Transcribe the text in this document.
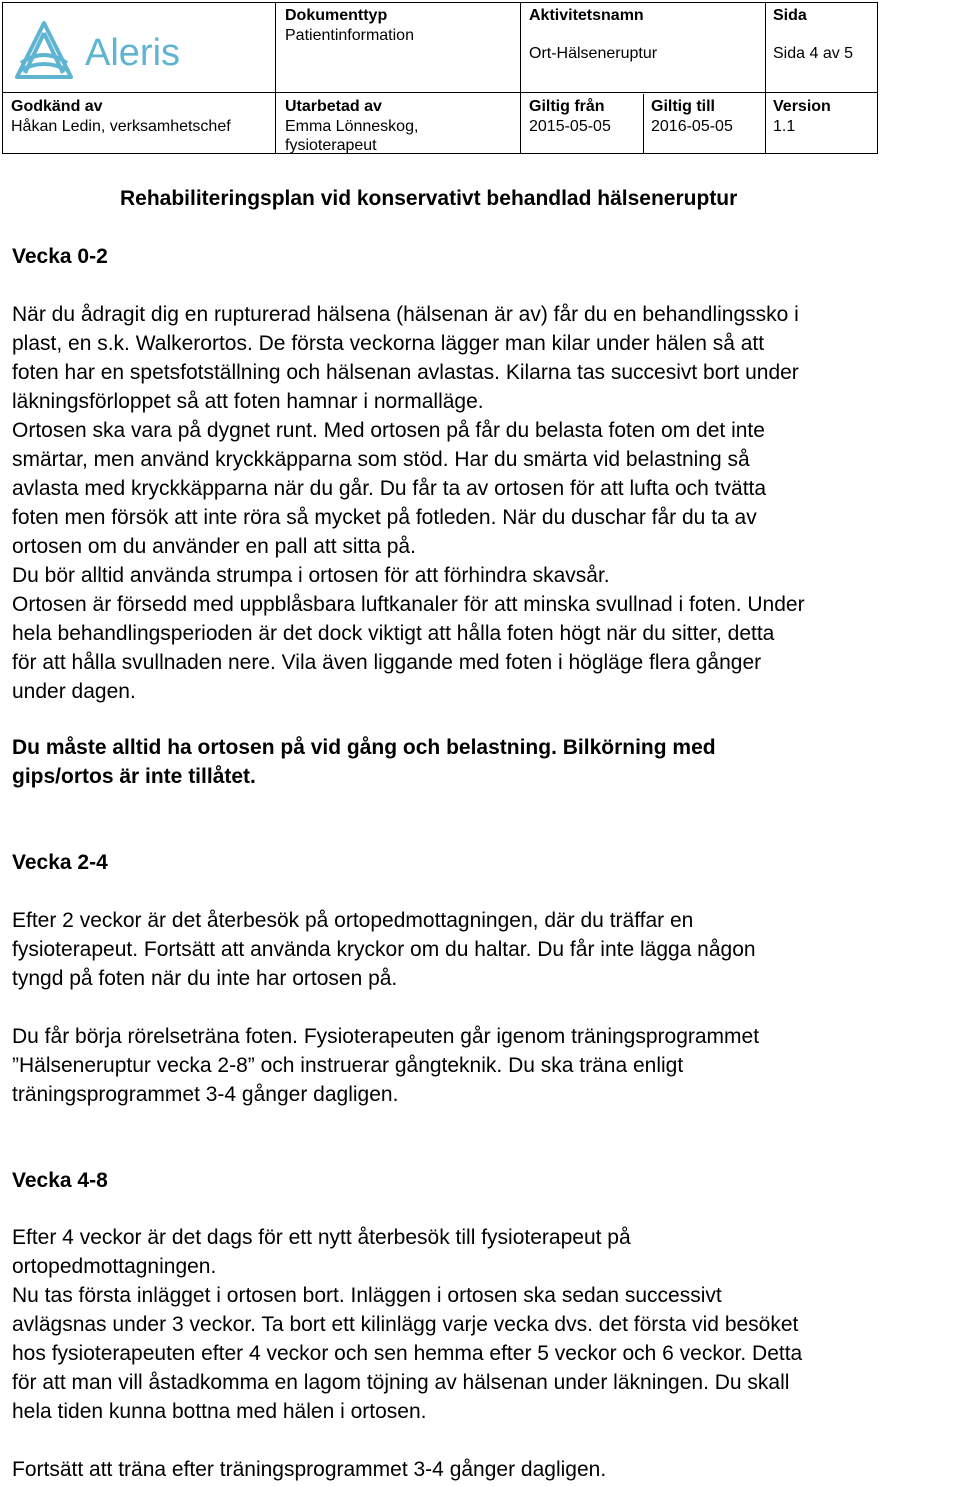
Aleris
Dokumenttyp
Patientinformation
Aktivitetsnamn
Ort-Hälseneruptur
Sida
Sida 4 av 5
Godkänd av
Håkan Ledin, verksamhetschef
Utarbetad av
Emma Lönneskog,
fysioterapeut
Giltig från
2015-05-05
Giltig till
2016-05-05
Version
1.1
Rehabiliteringsplan vid konservativt behandlad hälseneruptur
Vecka 0-2
När du ådragit dig en rupturerad hälsena (hälsenan är av) får du en behandlingssko i
plast, en s.k. Walkerortos. De första veckorna lägger man kilar under hälen så att
foten har en spetsfotställning och hälsenan avlastas. Kilarna tas succesivt bort under
läkningsförloppet så att foten hamnar i normalläge.
Ortosen ska vara på dygnet runt. Med ortosen på får du belasta foten om det inte
smärtar, men använd kryckkäpparna som stöd. Har du smärta vid belastning så
avlasta med kryckkäpparna när du går. Du får ta av ortosen för att lufta och tvätta
foten men försök att inte röra så mycket på fotleden. När du duschar får du ta av
ortosen om du använder en pall att sitta på.
Du bör alltid använda strumpa i ortosen för att förhindra skavsår.
Ortosen är försedd med uppblåsbara luftkanaler för att minska svullnad i foten. Under
hela behandlingsperioden är det dock viktigt att hålla foten högt när du sitter, detta
för att hålla svullnaden nere. Vila även liggande med foten i högläge flera gånger
under dagen.
Du måste alltid ha ortosen på vid gång och belastning. Bilkörning med
gips/ortos är inte tillåtet.
Vecka 2-4
Efter 2 veckor är det återbesök på ortopedmottagningen, där du träffar en
fysioterapeut. Fortsätt att använda kryckor om du haltar. Du får inte lägga någon
tyngd på foten när du inte har ortosen på.
Du får börja rörelseträna foten. Fysioterapeuten går igenom träningsprogrammet
”Hälseneruptur vecka 2-8” och instruerar gångteknik. Du ska träna enligt
träningsprogrammet 3-4 gånger dagligen.
Vecka 4-8
Efter 4 veckor är det dags för ett nytt återbesök till fysioterapeut på
ortopedmottagningen.
Nu tas första inlägget i ortosen bort. Inläggen i ortosen ska sedan successivt
avlägsnas under 3 veckor. Ta bort ett kilinlägg varje vecka dvs. det första vid besöket
hos fysioterapeuten efter 4 veckor och sen hemma efter 5 veckor och 6 veckor. Detta
för att man vill åstadkomma en lagom töjning av hälsenan under läkningen. Du skall
hela tiden kunna bottna med hälen i ortosen.
Fortsätt att träna efter träningsprogrammet 3-4 gånger dagligen.
